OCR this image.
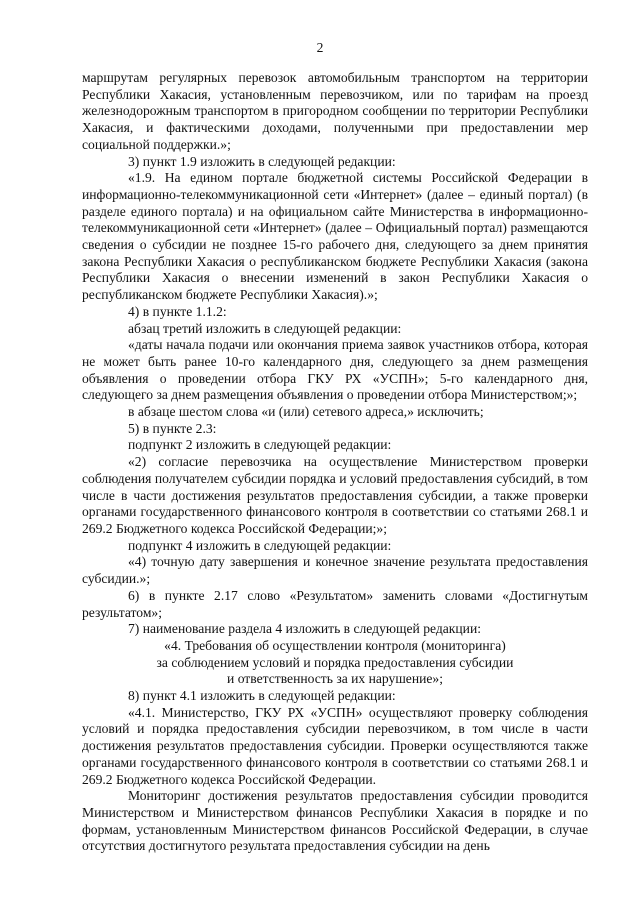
2

маршрутам регулярных перевозок автомобильным транспортом на территории Республики Хакасия, установленным перевозчиком, или по тарифам на проезд железнодорожным транспортом в пригородном сообщении по территории Республики Хакасия, и фактическими доходами, полученными при предоставлении мер социальной поддержки.»;

3) пункт 1.9 изложить в следующей редакции:

«1.9. На едином портале бюджетной системы Российской Федерации в информационно-телекоммуникационной сети «Интернет» (далее – единый портал) (в разделе единого портала) и на официальном сайте Министерства в информационно-телекоммуникационной сети «Интернет» (далее – Официальный портал) размещаются сведения о субсидии не позднее 15-го рабочего дня, следующего за днем принятия закона Республики Хакасия о республиканском бюджете Республики Хакасия (закона Республики Хакасия о внесении изменений в закон Республики Хакасия о республиканском бюджете Республики Хакасия).»;

4) в пункте 1.1.2:

абзац третий изложить в следующей редакции:

«даты начала подачи или окончания приема заявок участников отбора, которая не может быть ранее 10-го календарного дня, следующего за днем размещения объявления о проведении отбора ГКУ РХ «УСПН»; 5-го календарного дня, следующего за днем размещения объявления о проведении отбора Министерством;»;

в абзаце шестом слова «и (или) сетевого адреса,» исключить;

5) в пункте 2.3:

подпункт 2 изложить в следующей редакции:

«2) согласие перевозчика на осуществление Министерством проверки соблюдения получателем субсидии порядка и условий предоставления субсидий, в том числе в части достижения результатов предоставления субсидии, а также проверки органами государственного финансового контроля в соответствии со статьями 268.1 и 269.2 Бюджетного кодекса Российской Федерации;»;

подпункт 4 изложить в следующей редакции:

«4) точную дату завершения и конечное значение результата предоставления субсидии.»;

6) в пункте 2.17 слово «Результатом» заменить словами «Достигнутым результатом»;

7) наименование раздела 4 изложить в следующей редакции:

«4. Требования об осуществлении контроля (мониторинга)

за соблюдением условий и порядка предоставления субсидии

и ответственность за их нарушение»;

8) пункт 4.1 изложить в следующей редакции:

«4.1. Министерство, ГКУ РХ «УСПН» осуществляют проверку соблюдения условий и порядка предоставления субсидии перевозчиком, в том числе в части достижения результатов предоставления субсидии. Проверки осуществляются также органами государственного финансового контроля в соответствии со статьями 268.1 и 269.2 Бюджетного кодекса Российской Федерации.

Мониторинг достижения результатов предоставления субсидии проводится Министерством и Министерством финансов Республики Хакасия в порядке и по формам, установленным Министерством финансов Российской Федерации, в случае отсутствия достигнутого результата предоставления субсидии на день
